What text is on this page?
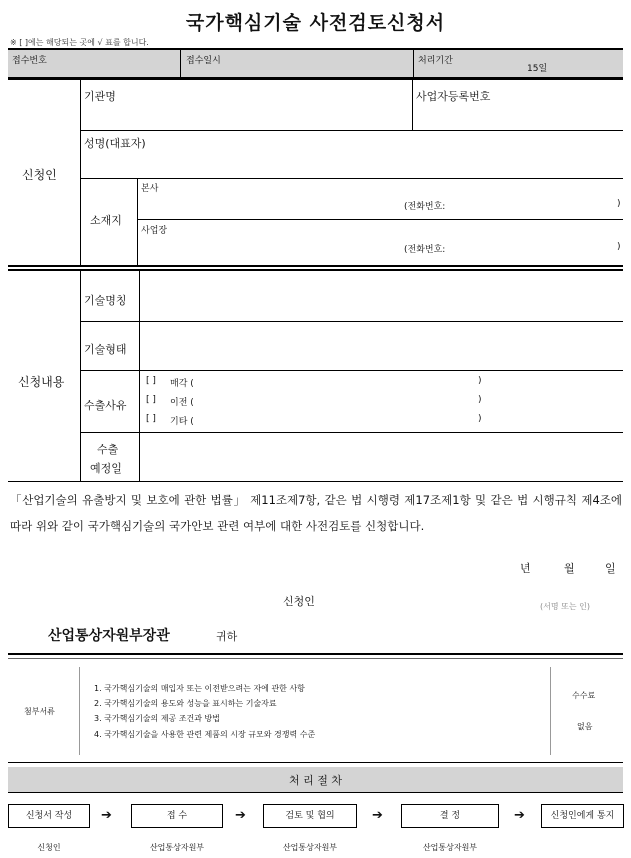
국가핵심기술 사전검토신청서
※ [ ]에는 해당되는 곳에 √ 표를 합니다.
접수번호	접수일시	처리기간
15일
신청인
기관명	사업자등록번호
성명(대표자)
소재지
본사
(전화번호:	)
사업장
(전화번호:	)
신청내용
기술명칭
기술형태
수출사유
[ ] 매각 (	)
[ ] 이전 (	)
[ ] 기타 (	)
수출
예정일
「산업기술의 유출방지 및 보호에 관한 법률」 제11조제7항, 같은 법 시행령 제17조제1항 및 같은 법 시행규칙 제4조에 따라 위와 같이 국가핵심기술의 국가안보 관련 여부에 대한 사전검토를 신청합니다.
년	월	일
신청인	(서명 또는 인)
산업통상자원부장관	귀하
첨부서류
1. 국가핵심기술의 매입자 또는 이전받으려는 자에 관한 사항
2. 국가핵심기술의 용도와 성능을 표시하는 기술자료
3. 국가핵심기술의 제공 조건과 방법
4. 국가핵심기술을 사용한 관련 제품의 시장 규모와 경쟁력 수준
수수료
없음
처 리 절 차
신청서 작성	➔	접 수	➔	검토 및 협의	➔	결 정	➔	신청인에게 통지
신청인	산업통상자원부	산업통상자원부	산업통상자원부
